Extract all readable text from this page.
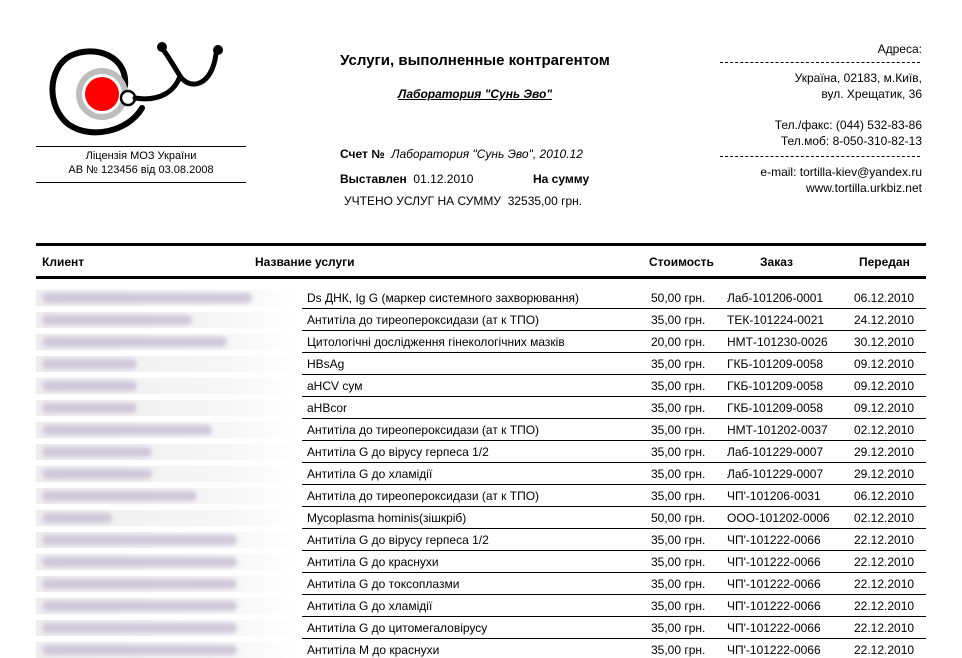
Ліцензія МОЗ України
АВ № 123456 від 03.08.2008
Услуги, выполненные контрагентом
Лаборатория "Сунь Эво"
Счет № Лаборатория "Сунь Эво", 2010.12
Выставлен 01.12.2010	На сумму
УЧТЕНО УСЛУГ НА СУММУ 32535,00 грн.
Адреса:
Україна, 02183, м.Київ,
вул. Хрещатик, 36
Тел./факс: (044) 532-83-86
Тел.моб: 8-050-310-82-13
e-mail: tortilla-kiev@yandex.ru
www.tortilla.urkbiz.net
Клиент	Название услуги	Стоимость	Заказ	Передан
Ds ДНК, Ig G (маркер системного захворювання)	50,00 грн. Лаб-101206-0001	06.12.2010
Антитіла до тиреопероксидази (ат к ТПО)	35,00 грн. ТЕК-101224-0021 24.12.2010
Цитологічні дослідження гінекологічних мазків	20,00 грн. НМТ-101230-0026 30.12.2010
HBsAg	35,00 грн. ГКБ-101209-0058	09.12.2010
aHCV сум	35,00 грн. ГКБ-101209-0058	09.12.2010
aHBcor	35,00 грн. ГКБ-101209-0058	09.12.2010
Антитіла до тиреопероксидази (ат к ТПО)	35,00 грн. НМТ-101202-0037 02.12.2010
Антитіла G до вірусу герпеса 1/2	35,00 грн. Лаб-101229-0007	29.12.2010
Антитіла G до хламідії	35,00 грн. Лаб-101229-0007	29.12.2010
Антитіла до тиреопероксидази (ат к ТПО)	35,00 грн. ЧП'-101206-0031	06.12.2010
Mycoplasma hominis(зішкріб)	50,00 грн. ООО-101202-0006 02.12.2010
Антитіла G до вірусу герпеса 1/2	35,00 грн. ЧП'-101222-0066	22.12.2010
Антитіла G до краснухи	35,00 грн. ЧП'-101222-0066	22.12.2010
Антитіла G до токсоплазми	35,00 грн. ЧП'-101222-0066	22.12.2010
Антитіла G до хламідії	35,00 грн. ЧП'-101222-0066	22.12.2010
Антитіла G до цитомегаловірусу	35,00 грн. ЧП'-101222-0066	22.12.2010
Антитіла M до краснухи	35,00 грн. ЧП'-101222-0066	22.12.2010
